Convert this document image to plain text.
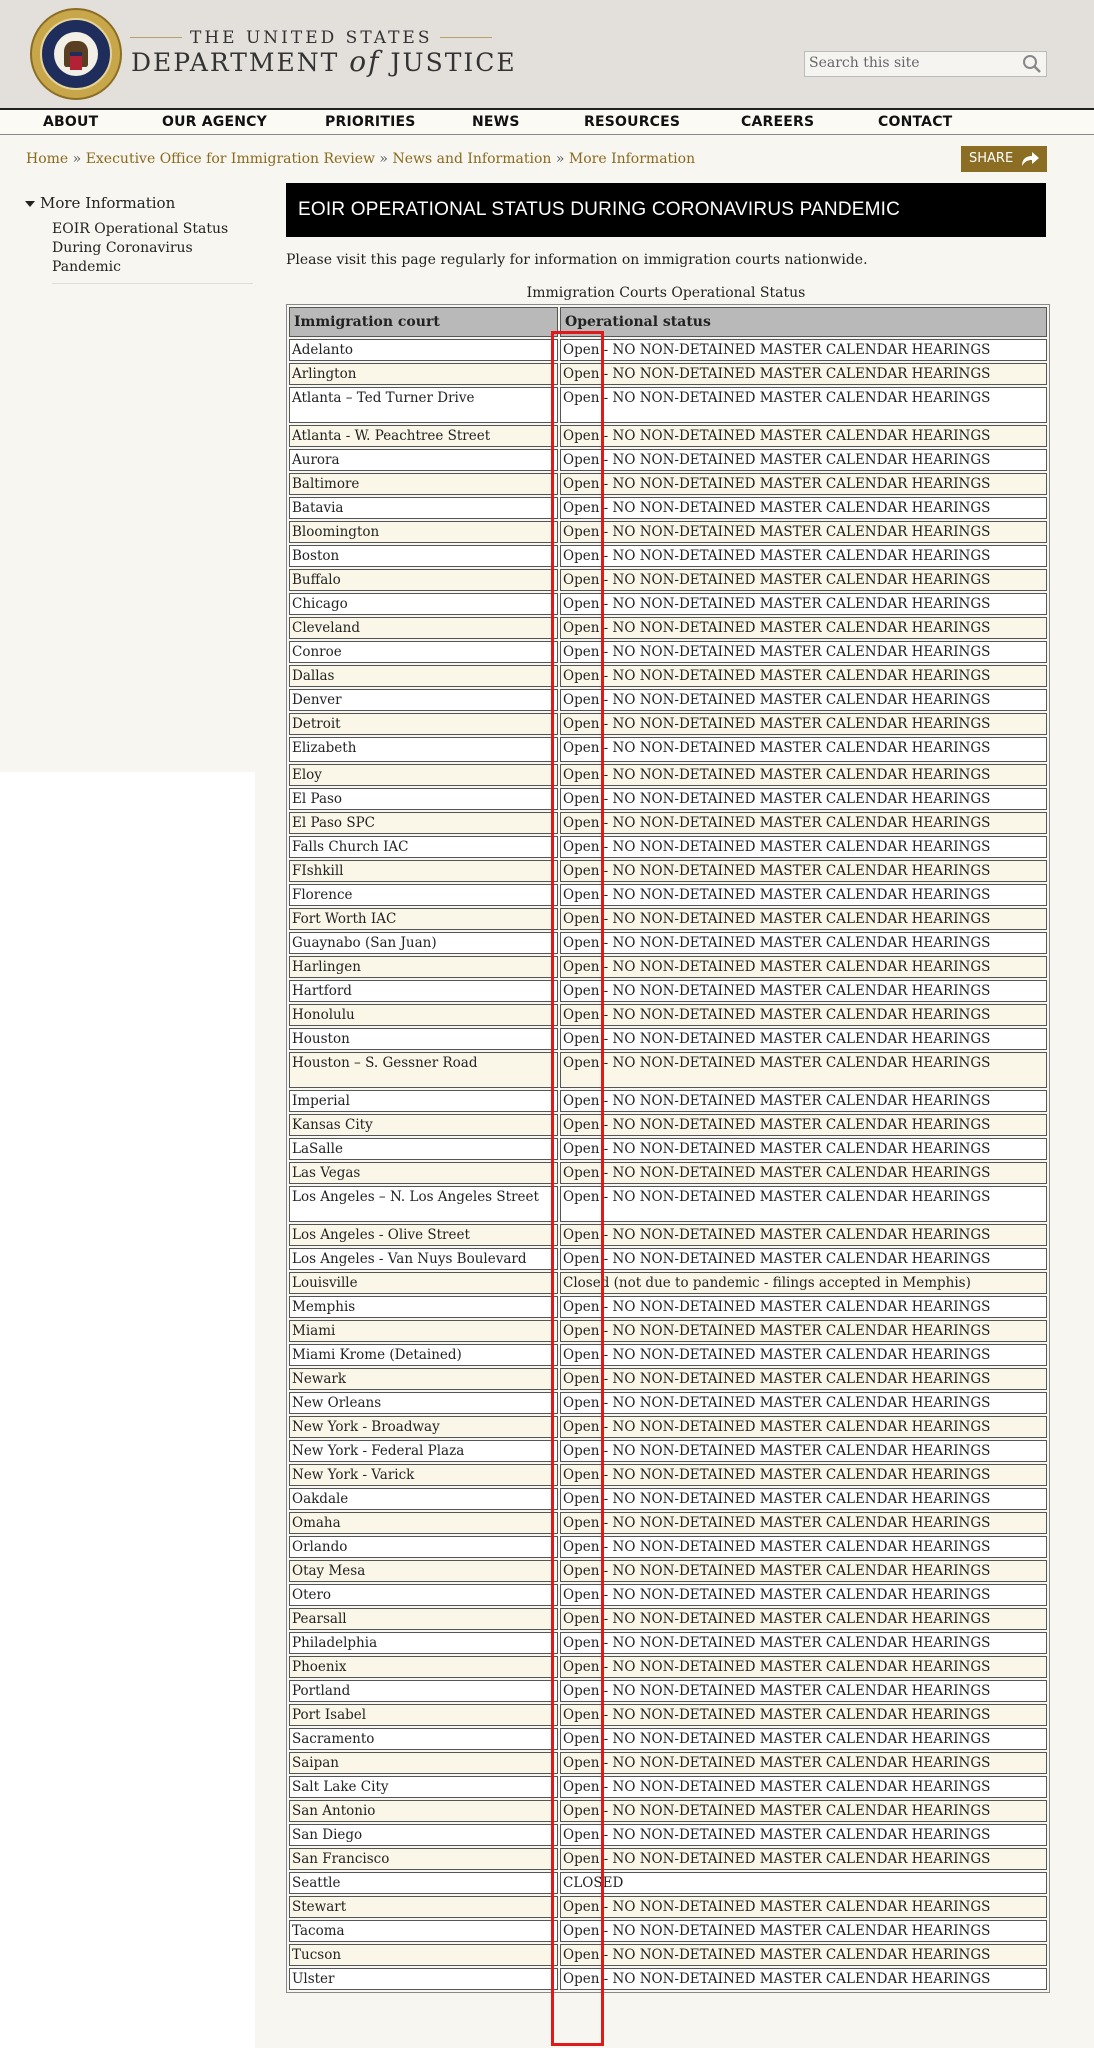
THE UNITED STATES
DEPARTMENT of JUSTICE
Search this site
ABOUT	OUR AGENCY	PRIORITIES	NEWS	RESOURCES	CAREERS	CONTACT
Home » Executive Office for Immigration Review » News and Information » More Information	SHARE
More Information
EOIR Operational Status During Coronavirus Pandemic
EOIR OPERATIONAL STATUS DURING CORONAVIRUS PANDEMIC
Please visit this page regularly for information on immigration courts nationwide.
Immigration Courts Operational Status
Immigration court	Operational status
Adelanto	Open - NO NON-DETAINED MASTER CALENDAR HEARINGS
Arlington	Open - NO NON-DETAINED MASTER CALENDAR HEARINGS
Atlanta – Ted Turner Drive	Open - NO NON-DETAINED MASTER CALENDAR HEARINGS
Atlanta - W. Peachtree Street	Open - NO NON-DETAINED MASTER CALENDAR HEARINGS
Aurora	Open - NO NON-DETAINED MASTER CALENDAR HEARINGS
Baltimore	Open - NO NON-DETAINED MASTER CALENDAR HEARINGS
Batavia	Open - NO NON-DETAINED MASTER CALENDAR HEARINGS
Bloomington	Open - NO NON-DETAINED MASTER CALENDAR HEARINGS
Boston	Open - NO NON-DETAINED MASTER CALENDAR HEARINGS
Buffalo	Open - NO NON-DETAINED MASTER CALENDAR HEARINGS
Chicago	Open - NO NON-DETAINED MASTER CALENDAR HEARINGS
Cleveland	Open - NO NON-DETAINED MASTER CALENDAR HEARINGS
Conroe	Open - NO NON-DETAINED MASTER CALENDAR HEARINGS
Dallas	Open - NO NON-DETAINED MASTER CALENDAR HEARINGS
Denver	Open - NO NON-DETAINED MASTER CALENDAR HEARINGS
Detroit	Open - NO NON-DETAINED MASTER CALENDAR HEARINGS
Elizabeth	Open - NO NON-DETAINED MASTER CALENDAR HEARINGS
Eloy	Open - NO NON-DETAINED MASTER CALENDAR HEARINGS
El Paso	Open - NO NON-DETAINED MASTER CALENDAR HEARINGS
El Paso SPC	Open - NO NON-DETAINED MASTER CALENDAR HEARINGS
Falls Church IAC	Open - NO NON-DETAINED MASTER CALENDAR HEARINGS
FIshkill	Open - NO NON-DETAINED MASTER CALENDAR HEARINGS
Florence	Open - NO NON-DETAINED MASTER CALENDAR HEARINGS
Fort Worth IAC	Open - NO NON-DETAINED MASTER CALENDAR HEARINGS
Guaynabo (San Juan)	Open - NO NON-DETAINED MASTER CALENDAR HEARINGS
Harlingen	Open - NO NON-DETAINED MASTER CALENDAR HEARINGS
Hartford	Open - NO NON-DETAINED MASTER CALENDAR HEARINGS
Honolulu	Open - NO NON-DETAINED MASTER CALENDAR HEARINGS
Houston	Open - NO NON-DETAINED MASTER CALENDAR HEARINGS
Houston – S. Gessner Road	Open - NO NON-DETAINED MASTER CALENDAR HEARINGS
Imperial	Open - NO NON-DETAINED MASTER CALENDAR HEARINGS
Kansas City	Open - NO NON-DETAINED MASTER CALENDAR HEARINGS
LaSalle	Open - NO NON-DETAINED MASTER CALENDAR HEARINGS
Las Vegas	Open - NO NON-DETAINED MASTER CALENDAR HEARINGS
Los Angeles – N. Los Angeles Street	Open - NO NON-DETAINED MASTER CALENDAR HEARINGS
Los Angeles - Olive Street	Open - NO NON-DETAINED MASTER CALENDAR HEARINGS
Los Angeles - Van Nuys Boulevard	Open - NO NON-DETAINED MASTER CALENDAR HEARINGS
Louisville	Closed (not due to pandemic - filings accepted in Memphis)
Memphis	Open - NO NON-DETAINED MASTER CALENDAR HEARINGS
Miami	Open - NO NON-DETAINED MASTER CALENDAR HEARINGS
Miami Krome (Detained)	Open - NO NON-DETAINED MASTER CALENDAR HEARINGS
Newark	Open - NO NON-DETAINED MASTER CALENDAR HEARINGS
New Orleans	Open - NO NON-DETAINED MASTER CALENDAR HEARINGS
New York - Broadway	Open - NO NON-DETAINED MASTER CALENDAR HEARINGS
New York - Federal Plaza	Open - NO NON-DETAINED MASTER CALENDAR HEARINGS
New York - Varick	Open - NO NON-DETAINED MASTER CALENDAR HEARINGS
Oakdale	Open - NO NON-DETAINED MASTER CALENDAR HEARINGS
Omaha	Open - NO NON-DETAINED MASTER CALENDAR HEARINGS
Orlando	Open - NO NON-DETAINED MASTER CALENDAR HEARINGS
Otay Mesa	Open - NO NON-DETAINED MASTER CALENDAR HEARINGS
Otero	Open - NO NON-DETAINED MASTER CALENDAR HEARINGS
Pearsall	Open - NO NON-DETAINED MASTER CALENDAR HEARINGS
Philadelphia	Open - NO NON-DETAINED MASTER CALENDAR HEARINGS
Phoenix	Open - NO NON-DETAINED MASTER CALENDAR HEARINGS
Portland	Open - NO NON-DETAINED MASTER CALENDAR HEARINGS
Port Isabel	Open - NO NON-DETAINED MASTER CALENDAR HEARINGS
Sacramento	Open - NO NON-DETAINED MASTER CALENDAR HEARINGS
Saipan	Open - NO NON-DETAINED MASTER CALENDAR HEARINGS
Salt Lake City	Open - NO NON-DETAINED MASTER CALENDAR HEARINGS
San Antonio	Open - NO NON-DETAINED MASTER CALENDAR HEARINGS
San Diego	Open - NO NON-DETAINED MASTER CALENDAR HEARINGS
San Francisco	Open - NO NON-DETAINED MASTER CALENDAR HEARINGS
Seattle	CLOSED
Stewart	Open - NO NON-DETAINED MASTER CALENDAR HEARINGS
Tacoma	Open - NO NON-DETAINED MASTER CALENDAR HEARINGS
Tucson	Open - NO NON-DETAINED MASTER CALENDAR HEARINGS
Ulster	Open - NO NON-DETAINED MASTER CALENDAR HEARINGS
